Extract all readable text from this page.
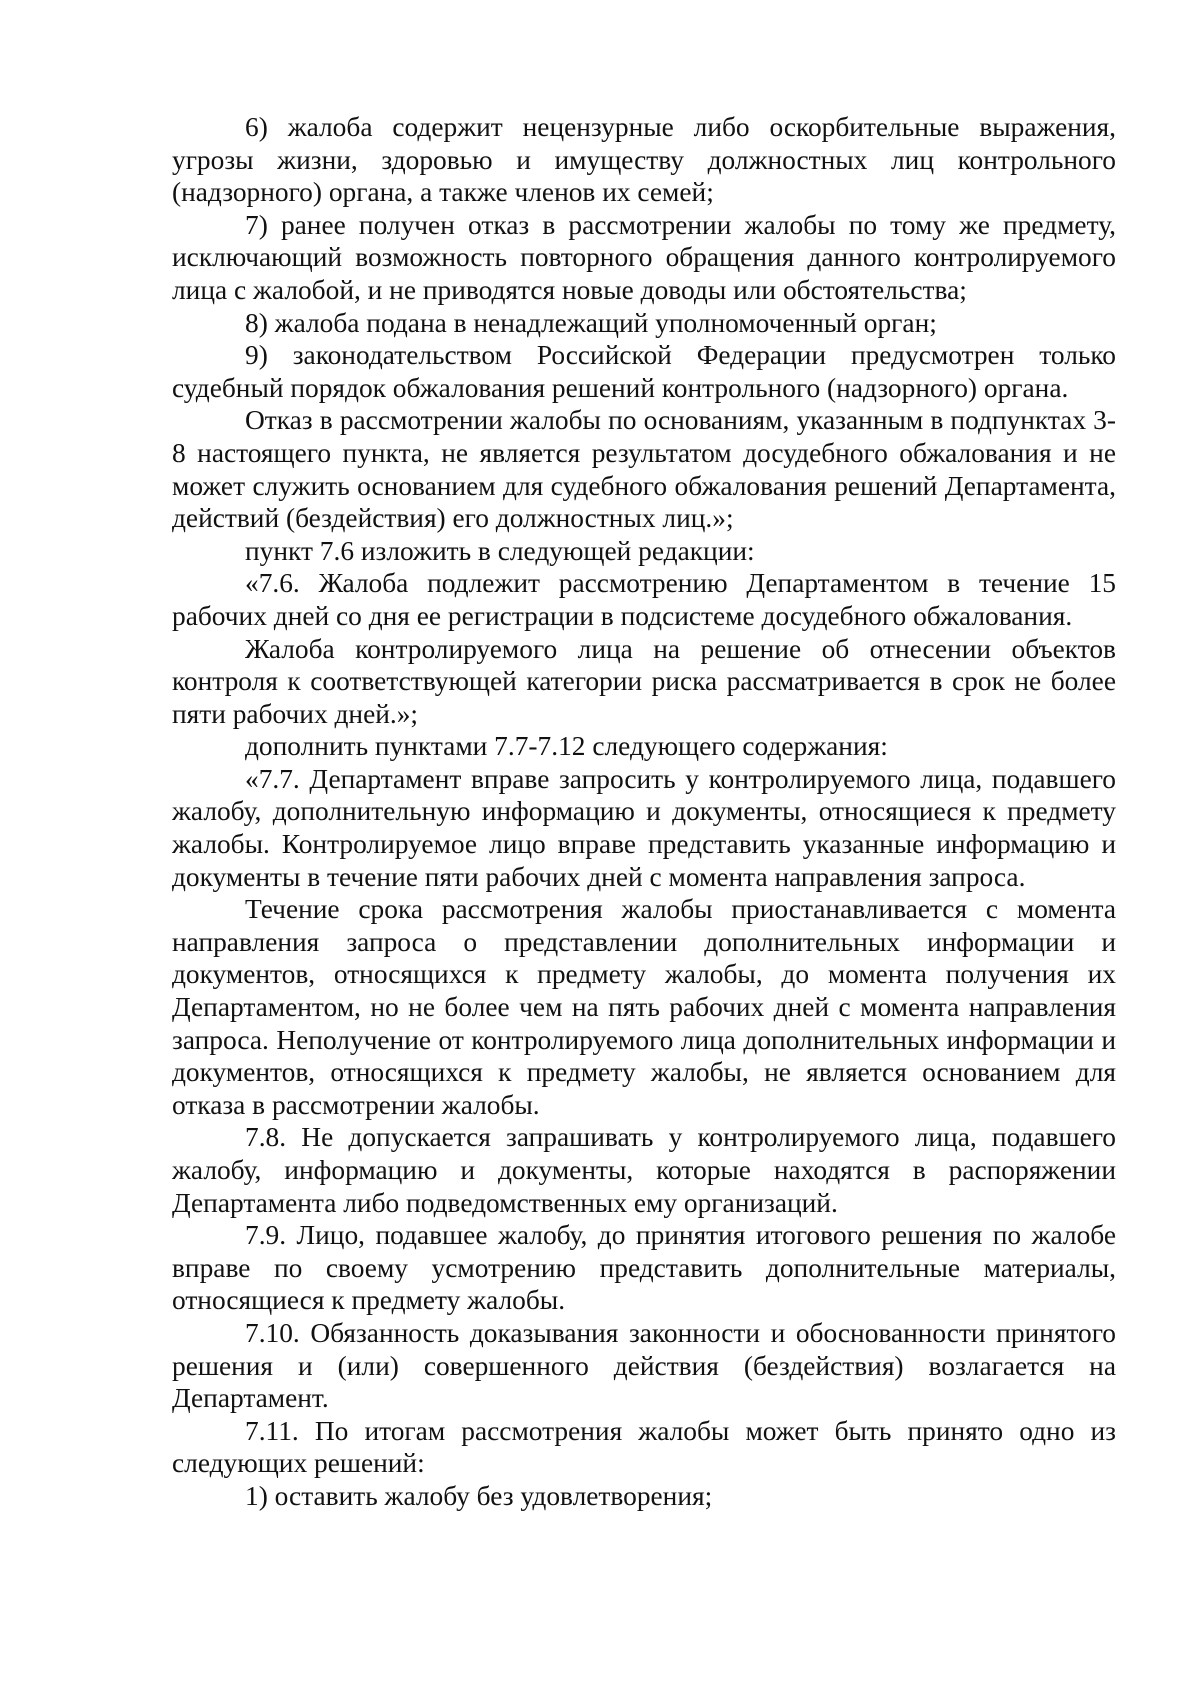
6) жалоба содержит нецензурные либо оскорбительные выражения, угрозы жизни, здоровью и имуществу должностных лиц контрольного (надзорного) органа, а также членов их семей;

7) ранее получен отказ в рассмотрении жалобы по тому же предмету, исключающий возможность повторного обращения данного контролируемого лица с жалобой, и не приводятся новые доводы или обстоятельства;

8) жалоба подана в ненадлежащий уполномоченный орган;

9) законодательством Российской Федерации предусмотрен только судебный порядок обжалования решений контрольного (надзорного) органа.

Отказ в рассмотрении жалобы по основаниям, указанным в подпунктах 3-8 настоящего пункта, не является результатом досудебного обжалования и не может служить основанием для судебного обжалования решений Департамента, действий (бездействия) его должностных лиц.»;

пункт 7.6 изложить в следующей редакции:

«7.6. Жалоба подлежит рассмотрению Департаментом в течение 15 рабочих дней со дня ее регистрации в подсистеме досудебного обжалования.

Жалоба контролируемого лица на решение об отнесении объектов контроля к соответствующей категории риска рассматривается в срок не более пяти рабочих дней.»;

дополнить пунктами 7.7-7.12 следующего содержания:

«7.7. Департамент вправе запросить у контролируемого лица, подавшего жалобу, дополнительную информацию и документы, относящиеся к предмету жалобы. Контролируемое лицо вправе представить указанные информацию и документы в течение пяти рабочих дней с момента направления запроса.

Течение срока рассмотрения жалобы приостанавливается с момента направления запроса о представлении дополнительных информации и документов, относящихся к предмету жалобы, до момента получения их Департаментом, но не более чем на пять рабочих дней с момента направления запроса. Неполучение от контролируемого лица дополнительных информации и документов, относящихся к предмету жалобы, не является основанием для отказа в рассмотрении жалобы.

7.8. Не допускается запрашивать у контролируемого лица, подавшего жалобу, информацию и документы, которые находятся в распоряжении Департамента либо подведомственных ему организаций.

7.9. Лицо, подавшее жалобу, до принятия итогового решения по жалобе вправе по своему усмотрению представить дополнительные материалы, относящиеся к предмету жалобы.

7.10. Обязанность доказывания законности и обоснованности принятого решения и (или) совершенного действия (бездействия) возлагается на Департамент.

7.11. По итогам рассмотрения жалобы может быть принято одно из следующих решений:

1) оставить жалобу без удовлетворения;
